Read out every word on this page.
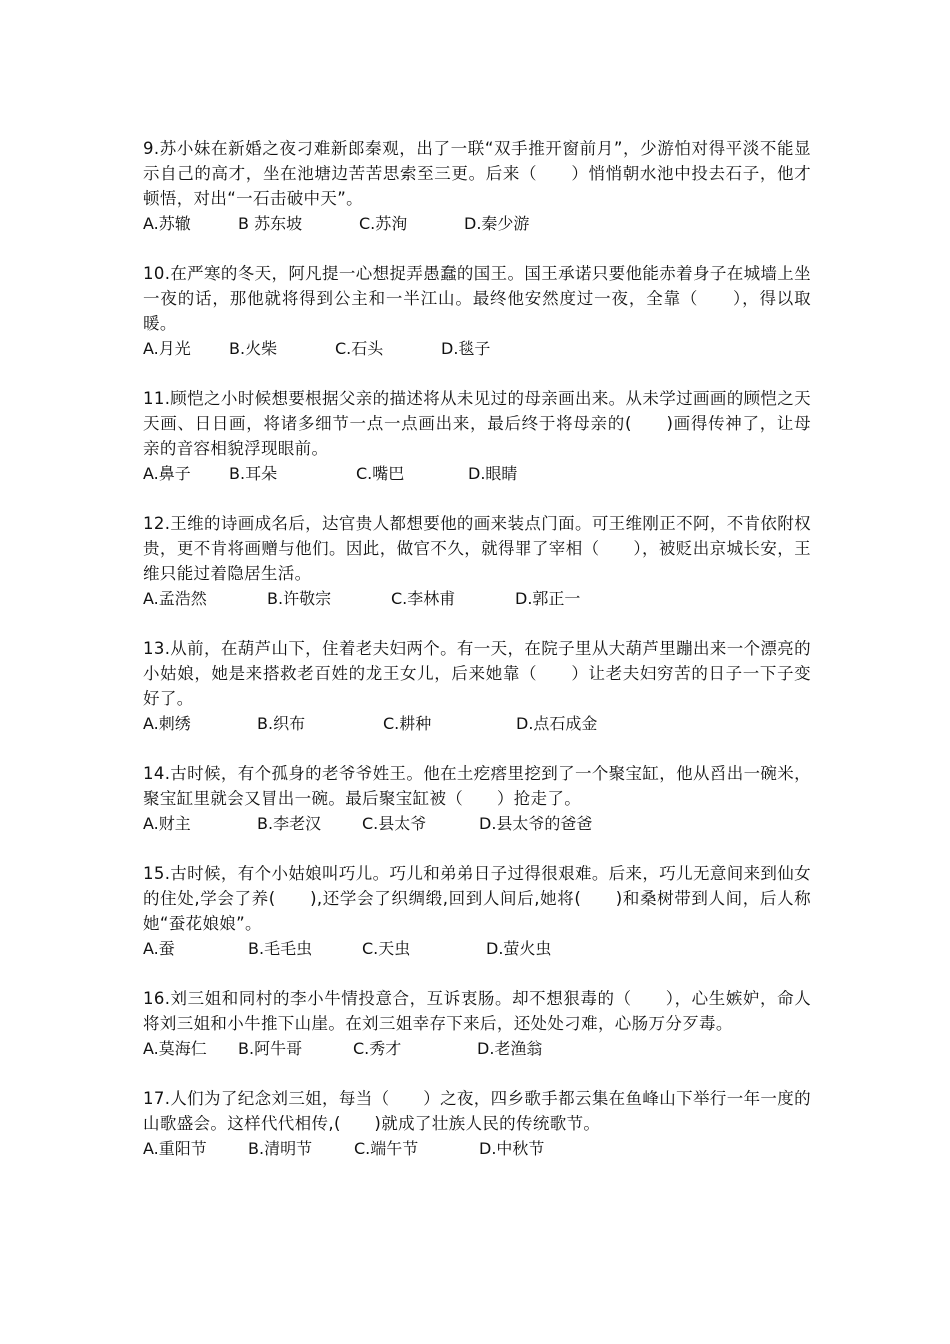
9.苏小妹在新婚之夜刁难新郎秦观，出了一联“双手推开窗前月”，少游怕对得平淡不能显示自己的高才，坐在池塘边苦苦思索至三更。后来（　　）悄悄朝水池中投去石子，他才顿悟，对出“一石击破中天”。

A.苏辙	B 苏东坡	C.苏洵	D.秦少游

10.在严寒的冬天，阿凡提一心想捉弄愚蠢的国王。国王承诺只要他能赤着身子在城墙上坐一夜的话，那他就将得到公主和一半江山。最终他安然度过一夜，全靠（　　），得以取暖。

A.月光	B.火柴	C.石头	D.毯子

11.顾恺之小时候想要根据父亲的描述将从未见过的母亲画出来。从未学过画画的顾恺之天天画、日日画，将诸多细节一点一点画出来，最后终于将母亲的(　　)画得传神了，让母亲的音容相貌浮现眼前。

A.鼻子	B.耳朵	C.嘴巴	D.眼睛

12.王维的诗画成名后，达官贵人都想要他的画来装点门面。可王维刚正不阿，不肯依附权贵，更不肯将画赠与他们。因此，做官不久，就得罪了宰相（　　），被贬出京城长安，王维只能过着隐居生活。

A.孟浩然	B.许敬宗	C.李林甫	D.郭正一

13.从前，在葫芦山下，住着老夫妇两个。有一天，在院子里从大葫芦里蹦出来一个漂亮的小姑娘，她是来搭救老百姓的龙王女儿，后来她靠（　　）让老夫妇穷苦的日子一下子变好了。

A.刺绣	B.织布	C.耕种	D.点石成金

14.古时候，有个孤身的老爷爷姓王。他在土疙瘩里挖到了一个聚宝缸，他从舀出一碗米，聚宝缸里就会又冒出一碗。最后聚宝缸被（　　）抢走了。

A.财主	B.李老汉	C.县太爷	D.县太爷的爸爸

15.古时候，有个小姑娘叫巧儿。巧儿和弟弟日子过得很艰难。后来，巧儿无意间来到仙女的住处,学会了养(　　),还学会了织绸缎,回到人间后,她将(　　)和桑树带到人间，后人称她“蚕花娘娘”。

A.蚕	B.毛毛虫	C.天虫	D.萤火虫

16.刘三姐和同村的李小牛情投意合，互诉衷肠。却不想狠毒的（　　），心生嫉妒，命人将刘三姐和小牛推下山崖。在刘三姐幸存下来后，还处处刁难，心肠万分歹毒。

A.莫海仁	B.阿牛哥	C.秀才	D.老渔翁

17.人们为了纪念刘三姐，每当（　　）之夜，四乡歌手都云集在鱼峰山下举行一年一度的山歌盛会。这样代代相传,(　　)就成了壮族人民的传统歌节。

A.重阳节	B.清明节	C.端午节	D.中秋节
